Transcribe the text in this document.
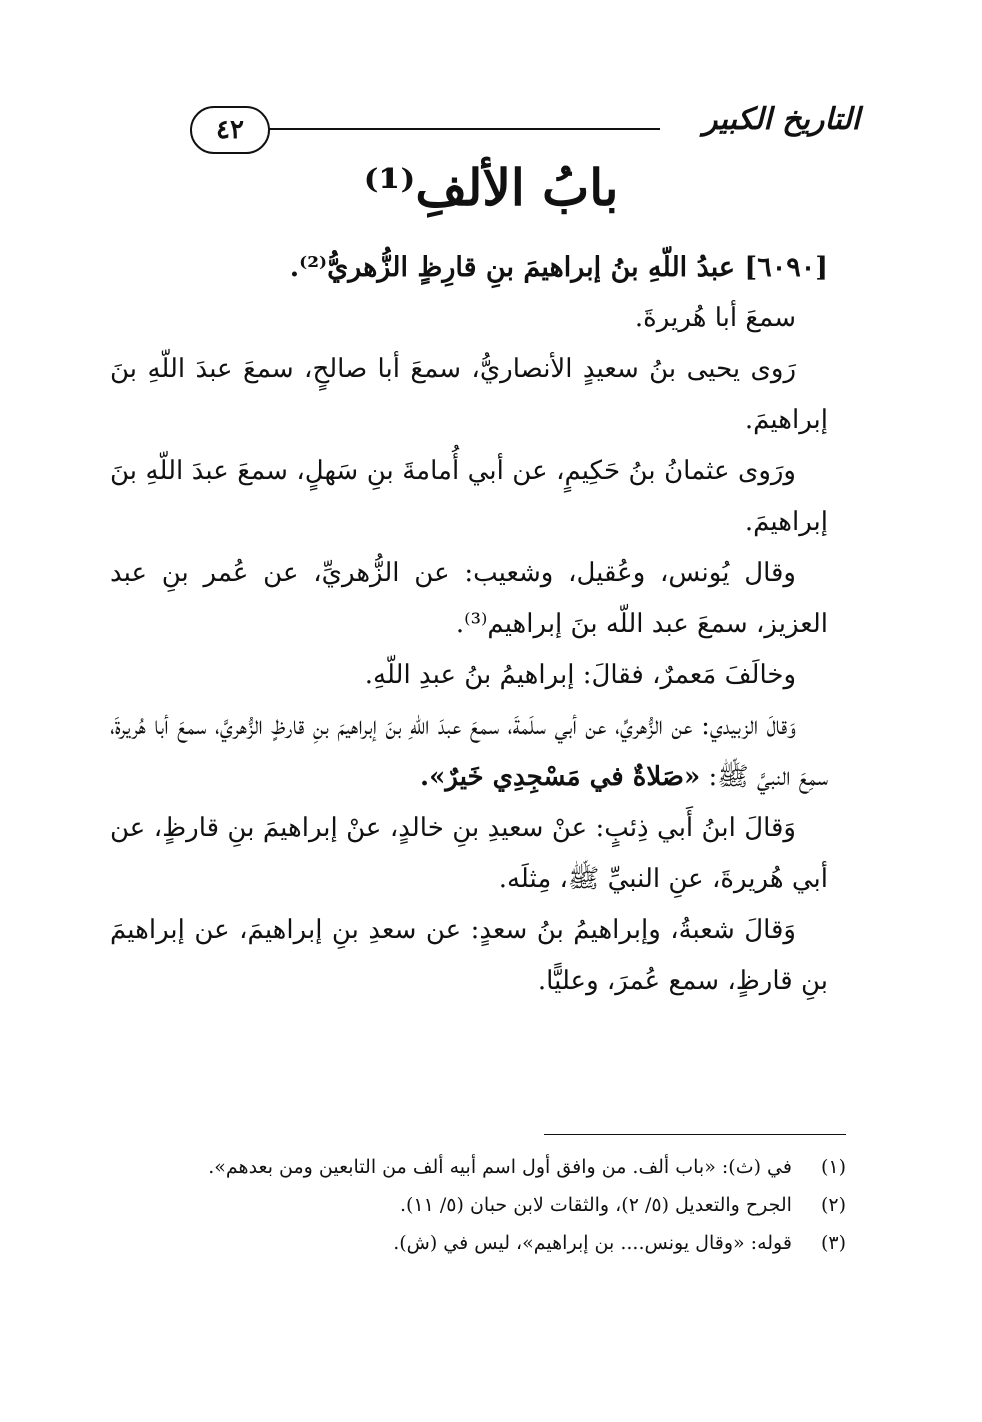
٤٢	التاريخ الكبير
بابُ الألفِ⁽¹⁾

[٦٠٩٠] عبدُ اللّهِ بنُ إبراهيمَ بنِ قارِظٍ الزُّهريُّ⁽²⁾.

سمعَ أبا هُريرةَ.

رَوى يحيى بنُ سعيدٍ الأنصاريُّ، سمعَ أبا صالحٍ، سمعَ عبدَ اللّهِ بنَ إبراهيمَ.

ورَوى عثمانُ بنُ حَكِيمٍ، عن أبي أُمامةَ بنِ سَهلٍ، سمعَ عبدَ اللّهِ بنَ إبراهيمَ.

وقال يُونس، وعُقيل، وشعيب: عن الزُّهريِّ، عن عُمر بنِ عبد العزيز، سمعَ عبد اللّه بنَ إبراهيم⁽³⁾.

وخالَفَ مَعمرٌ، فقالَ: إبراهيمُ بنُ عبدِ اللّهِ.

وَقالَ الزبيدي: عن الزُّهريِّ، عن أبي سلَمةَ، سمعَ عبدَ اللّهِ بنَ إبراهيمَ بنِ قارظٍ الزُّهريَّ، سمعَ أبا هُريرةَ، سمِعَ النبيَّ ﷺ: «صَلاةٌ في مَسْجِدِي خَيرٌ».

وَقالَ ابنُ أَبي ذِئبٍ: عنْ سعيدِ بنِ خالدٍ، عنْ إبراهيمَ بنِ قارظٍ، عن أبي هُريرةَ، عنِ النبيِّ ﷺ، مِثلَه.

وَقالَ شعبةُ، وإبراهيمُ بنُ سعدٍ: عن سعدِ بنِ إبراهيمَ، عن إبراهيمَ بنِ قارظٍ، سمع عُمرَ، وعليًّا.

(١) في (ث): «باب ألف. من وافق أول اسم أبيه ألف من التابعين ومن بعدهم».
(٢) الجرح والتعديل (٥/ ٢)، والثقات لابن حبان (٥/ ١١).
(٣) قوله: «وقال يونس.... بن إبراهيم»، ليس في (ش).
